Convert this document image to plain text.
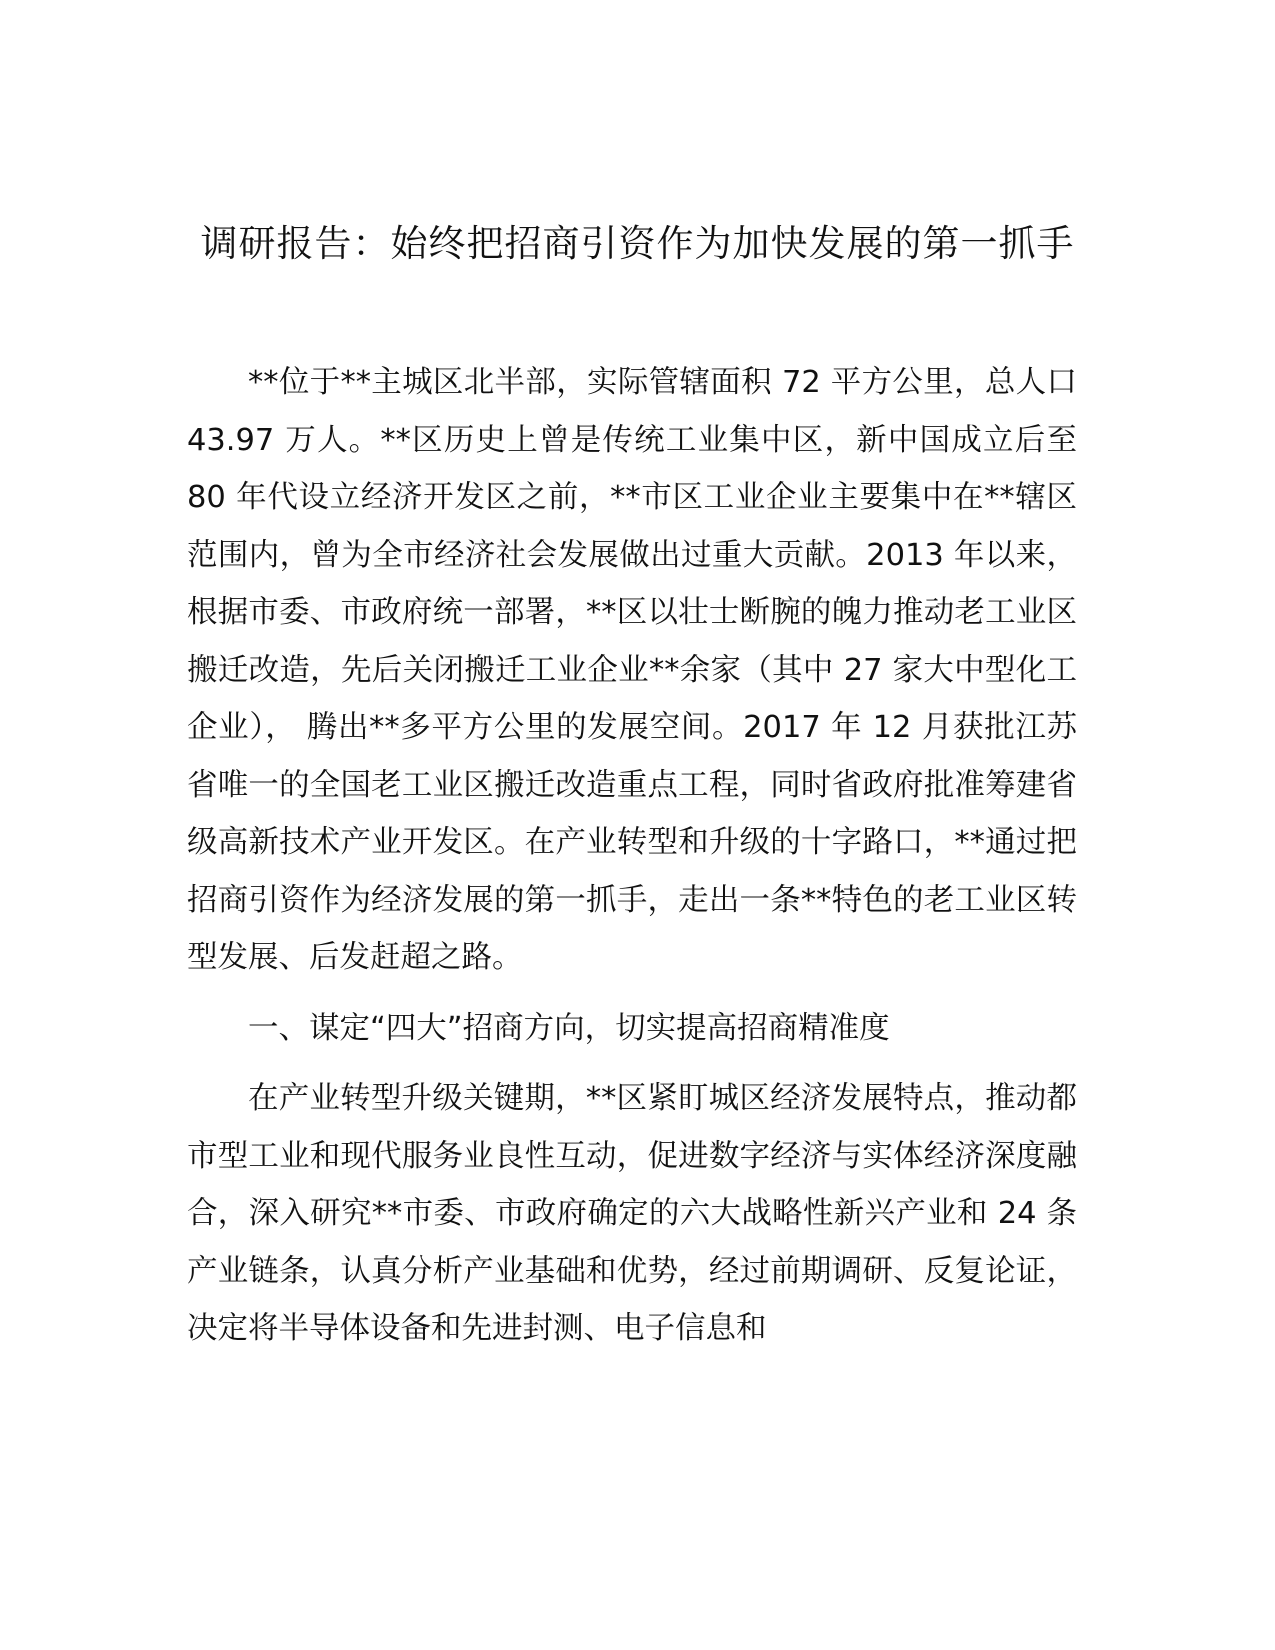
调研报告：始终把招商引资作为加快发展的第一抓手

**位于**主城区北半部，实际管辖面积 72 平方公里，总人口 43.97 万人。**区历史上曾是传统工业集中区，新中国成立后至 80 年代设立经济开发区之前，**市区工业企业主要集中在**辖区范围内，曾为全市经济社会发展做出过重大贡献。2013 年以来，根据市委、市政府统一部署，**区以壮士断腕的魄力推动老工业区搬迁改造，先后关闭搬迁工业企业**余家（其中 27 家大中型化工企业）， 腾出**多平方公里的发展空间。2017 年 12 月获批江苏省唯一的全国老工业区搬迁改造重点工程，同时省政府批准筹建省级高新技术产业开发区。在产业转型和升级的十字路口，**通过把招商引资作为经济发展的第一抓手，走出一条**特色的老工业区转型发展、后发赶超之路。

一、谋定“四大”招商方向，切实提高招商精准度

在产业转型升级关键期，**区紧盯城区经济发展特点，推动都市型工业和现代服务业良性互动，促进数字经济与实体经济深度融合，深入研究**市委、市政府确定的六大战略性新兴产业和 24 条产业链条，认真分析产业基础和优势，经过前期调研、反复论证，决定将半导体设备和先进封测、电子信息和
